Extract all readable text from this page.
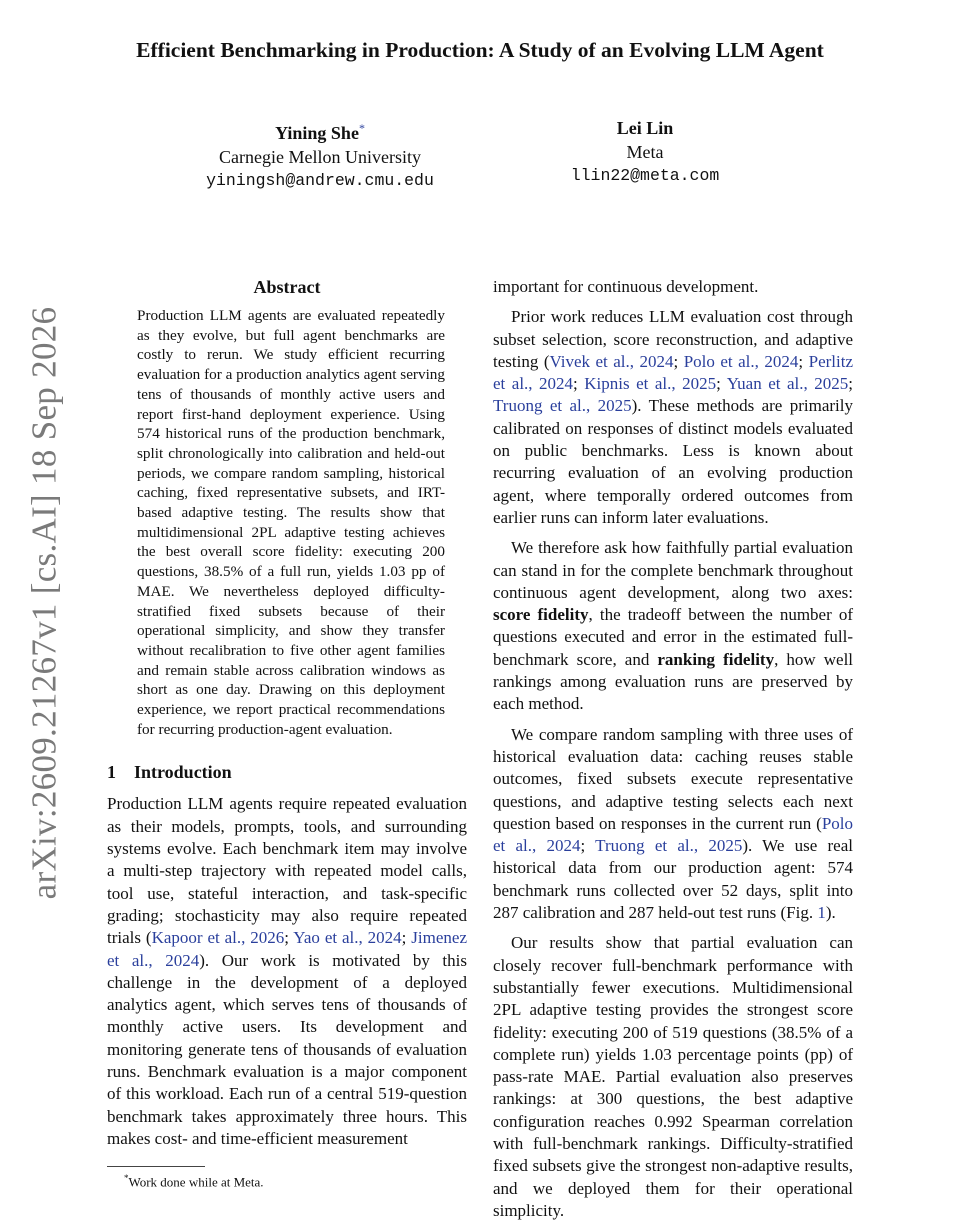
arXiv:2609.21267v1 [cs.AI] 18 Sep 2026
Efficient Benchmarking in Production: A Study of an Evolving LLM Agent
Yining She*
Carnegie Mellon University
yiningsh@andrew.cmu.edu
Lei Lin
Meta
llin22@meta.com
Abstract

Production LLM agents are evaluated repeatedly as they evolve, but full agent benchmarks are costly to rerun. We study efficient recurring evaluation for a production analytics agent serving tens of thousands of monthly active users and report first-hand deployment experience. Using 574 historical runs of the production benchmark, split chronologically into calibration and held-out periods, we compare random sampling, historical caching, fixed representative subsets, and IRT-based adaptive testing. The results show that multidimensional 2PL adaptive testing achieves the best overall score fidelity: executing 200 questions, 38.5% of a full run, yields 1.03 pp of MAE. We nevertheless deployed difficulty-stratified fixed subsets because of their operational simplicity, and show they transfer without recalibration to five other agent families and remain stable across calibration windows as short as one day. Drawing on this deployment experience, we report practical recommendations for recurring production-agent evaluation.

1 Introduction

Production LLM agents require repeated evaluation as their models, prompts, tools, and surrounding systems evolve. Each benchmark item may involve a multi-step trajectory with repeated model calls, tool use, stateful interaction, and task-specific grading; stochasticity may also require repeated trials (Kapoor et al., 2026; Yao et al., 2024; Jimenez et al., 2024). Our work is motivated by this challenge in the development of a deployed analytics agent, which serves tens of thousands of monthly active users. Its development and monitoring generate tens of thousands of evaluation runs. Benchmark evaluation is a major component of this workload. Each run of a central 519-question benchmark takes approximately three hours. This makes cost- and time-efficient measurement

important for continuous development.

Prior work reduces LLM evaluation cost through subset selection, score reconstruction, and adaptive testing (Vivek et al., 2024; Polo et al., 2024; Perlitz et al., 2024; Kipnis et al., 2025; Yuan et al., 2025; Truong et al., 2025). These methods are primarily calibrated on responses of distinct models evaluated on public benchmarks. Less is known about recurring evaluation of an evolving production agent, where temporally ordered outcomes from earlier runs can inform later evaluations.

We therefore ask how faithfully partial evaluation can stand in for the complete benchmark throughout continuous agent development, along two axes: score fidelity, the tradeoff between the number of questions executed and error in the estimated full-benchmark score, and ranking fidelity, how well rankings among evaluation runs are preserved by each method.

We compare random sampling with three uses of historical evaluation data: caching reuses stable outcomes, fixed subsets execute representative questions, and adaptive testing selects each next question based on responses in the current run (Polo et al., 2024; Truong et al., 2025). We use real historical data from our production agent: 574 benchmark runs collected over 52 days, split into 287 calibration and 287 held-out test runs (Fig. 1).

Our results show that partial evaluation can closely recover full-benchmark performance with substantially fewer executions. Multidimensional 2PL adaptive testing provides the strongest score fidelity: executing 200 of 519 questions (38.5% of a complete run) yields 1.03 percentage points (pp) of pass-rate MAE. Partial evaluation also preserves rankings: at 300 questions, the best adaptive configuration reaches 0.992 Spearman correlation with full-benchmark rankings. Difficulty-stratified fixed subsets give the strongest non-adaptive results, and we deployed them for their operational simplicity.

*Work done while at Meta.
